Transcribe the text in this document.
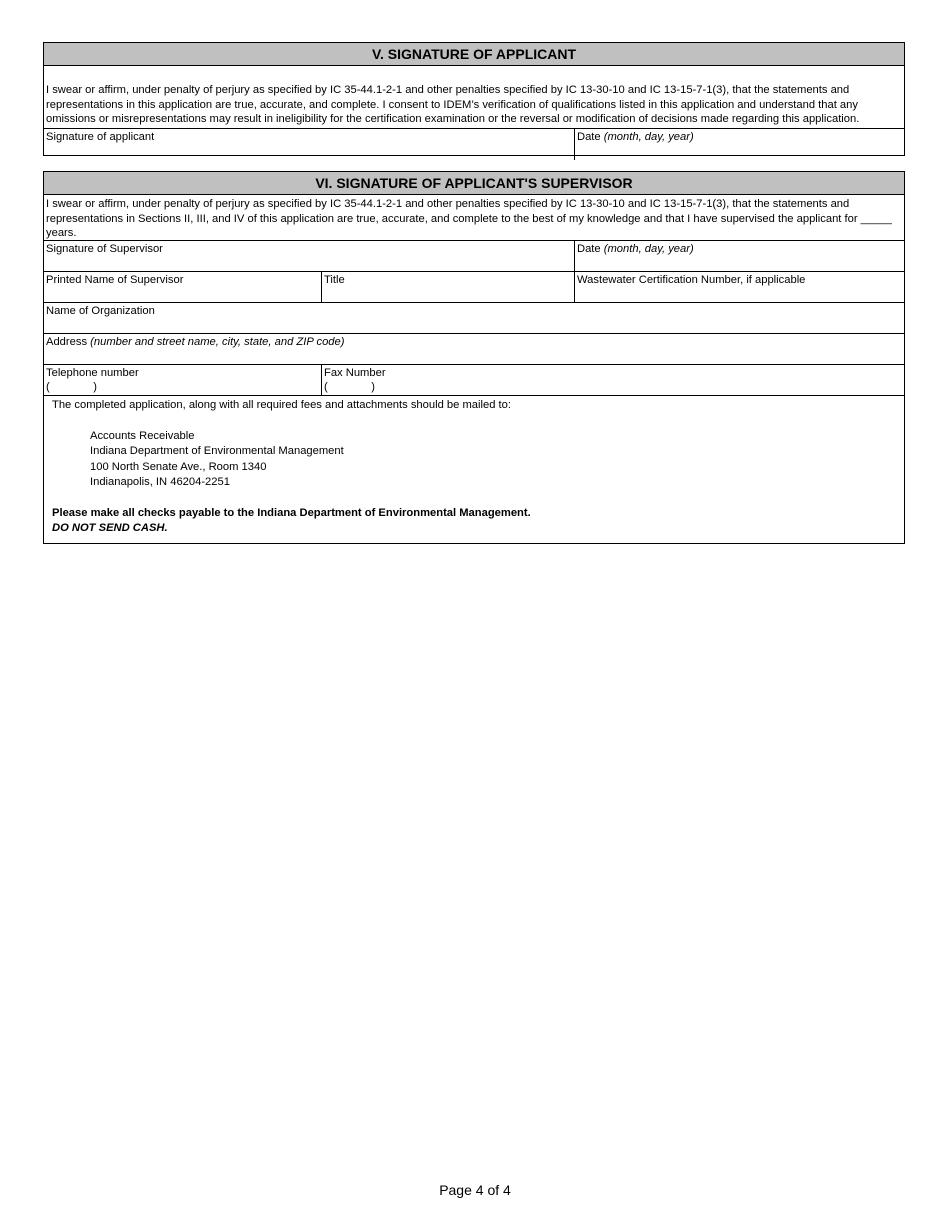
V. SIGNATURE OF APPLICANT
I swear or affirm, under penalty of perjury as specified by IC 35-44.1-2-1 and other penalties specified by IC 13-30-10 and IC 13-15-7-1(3), that the statements and representations in this application are true, accurate, and complete. I consent to IDEM’s verification of qualifications listed in this application and understand that any omissions or misrepresentations may result in ineligibility for the certification examination or the reversal or modification of decisions made regarding this application.
Signature of applicant	Date (month, day, year)
VI. SIGNATURE OF APPLICANT'S SUPERVISOR
I swear or affirm, under penalty of perjury as specified by IC 35-44.1-2-1 and other penalties specified by IC 13-30-10 and IC 13-15-7-1(3), that the statements and representations in Sections II, III, and IV of this application are true, accurate, and complete to the best of my knowledge and that I have supervised the applicant for _____ years.
Signature of Supervisor	Date (month, day, year)
Printed Name of Supervisor	Title	Wastewater Certification Number, if applicable
Name of Organization
Address (number and street name, city, state, and ZIP code)
Telephone number
(              )
Fax Number
(              )
The completed application, along with all required fees and attachments should be mailed to:
Accounts Receivable
Indiana Department of Environmental Management
100 North Senate Ave., Room 1340
Indianapolis, IN 46204-2251
Please make all checks payable to the Indiana Department of Environmental Management.
DO NOT SEND CASH.
Page 4 of 4
